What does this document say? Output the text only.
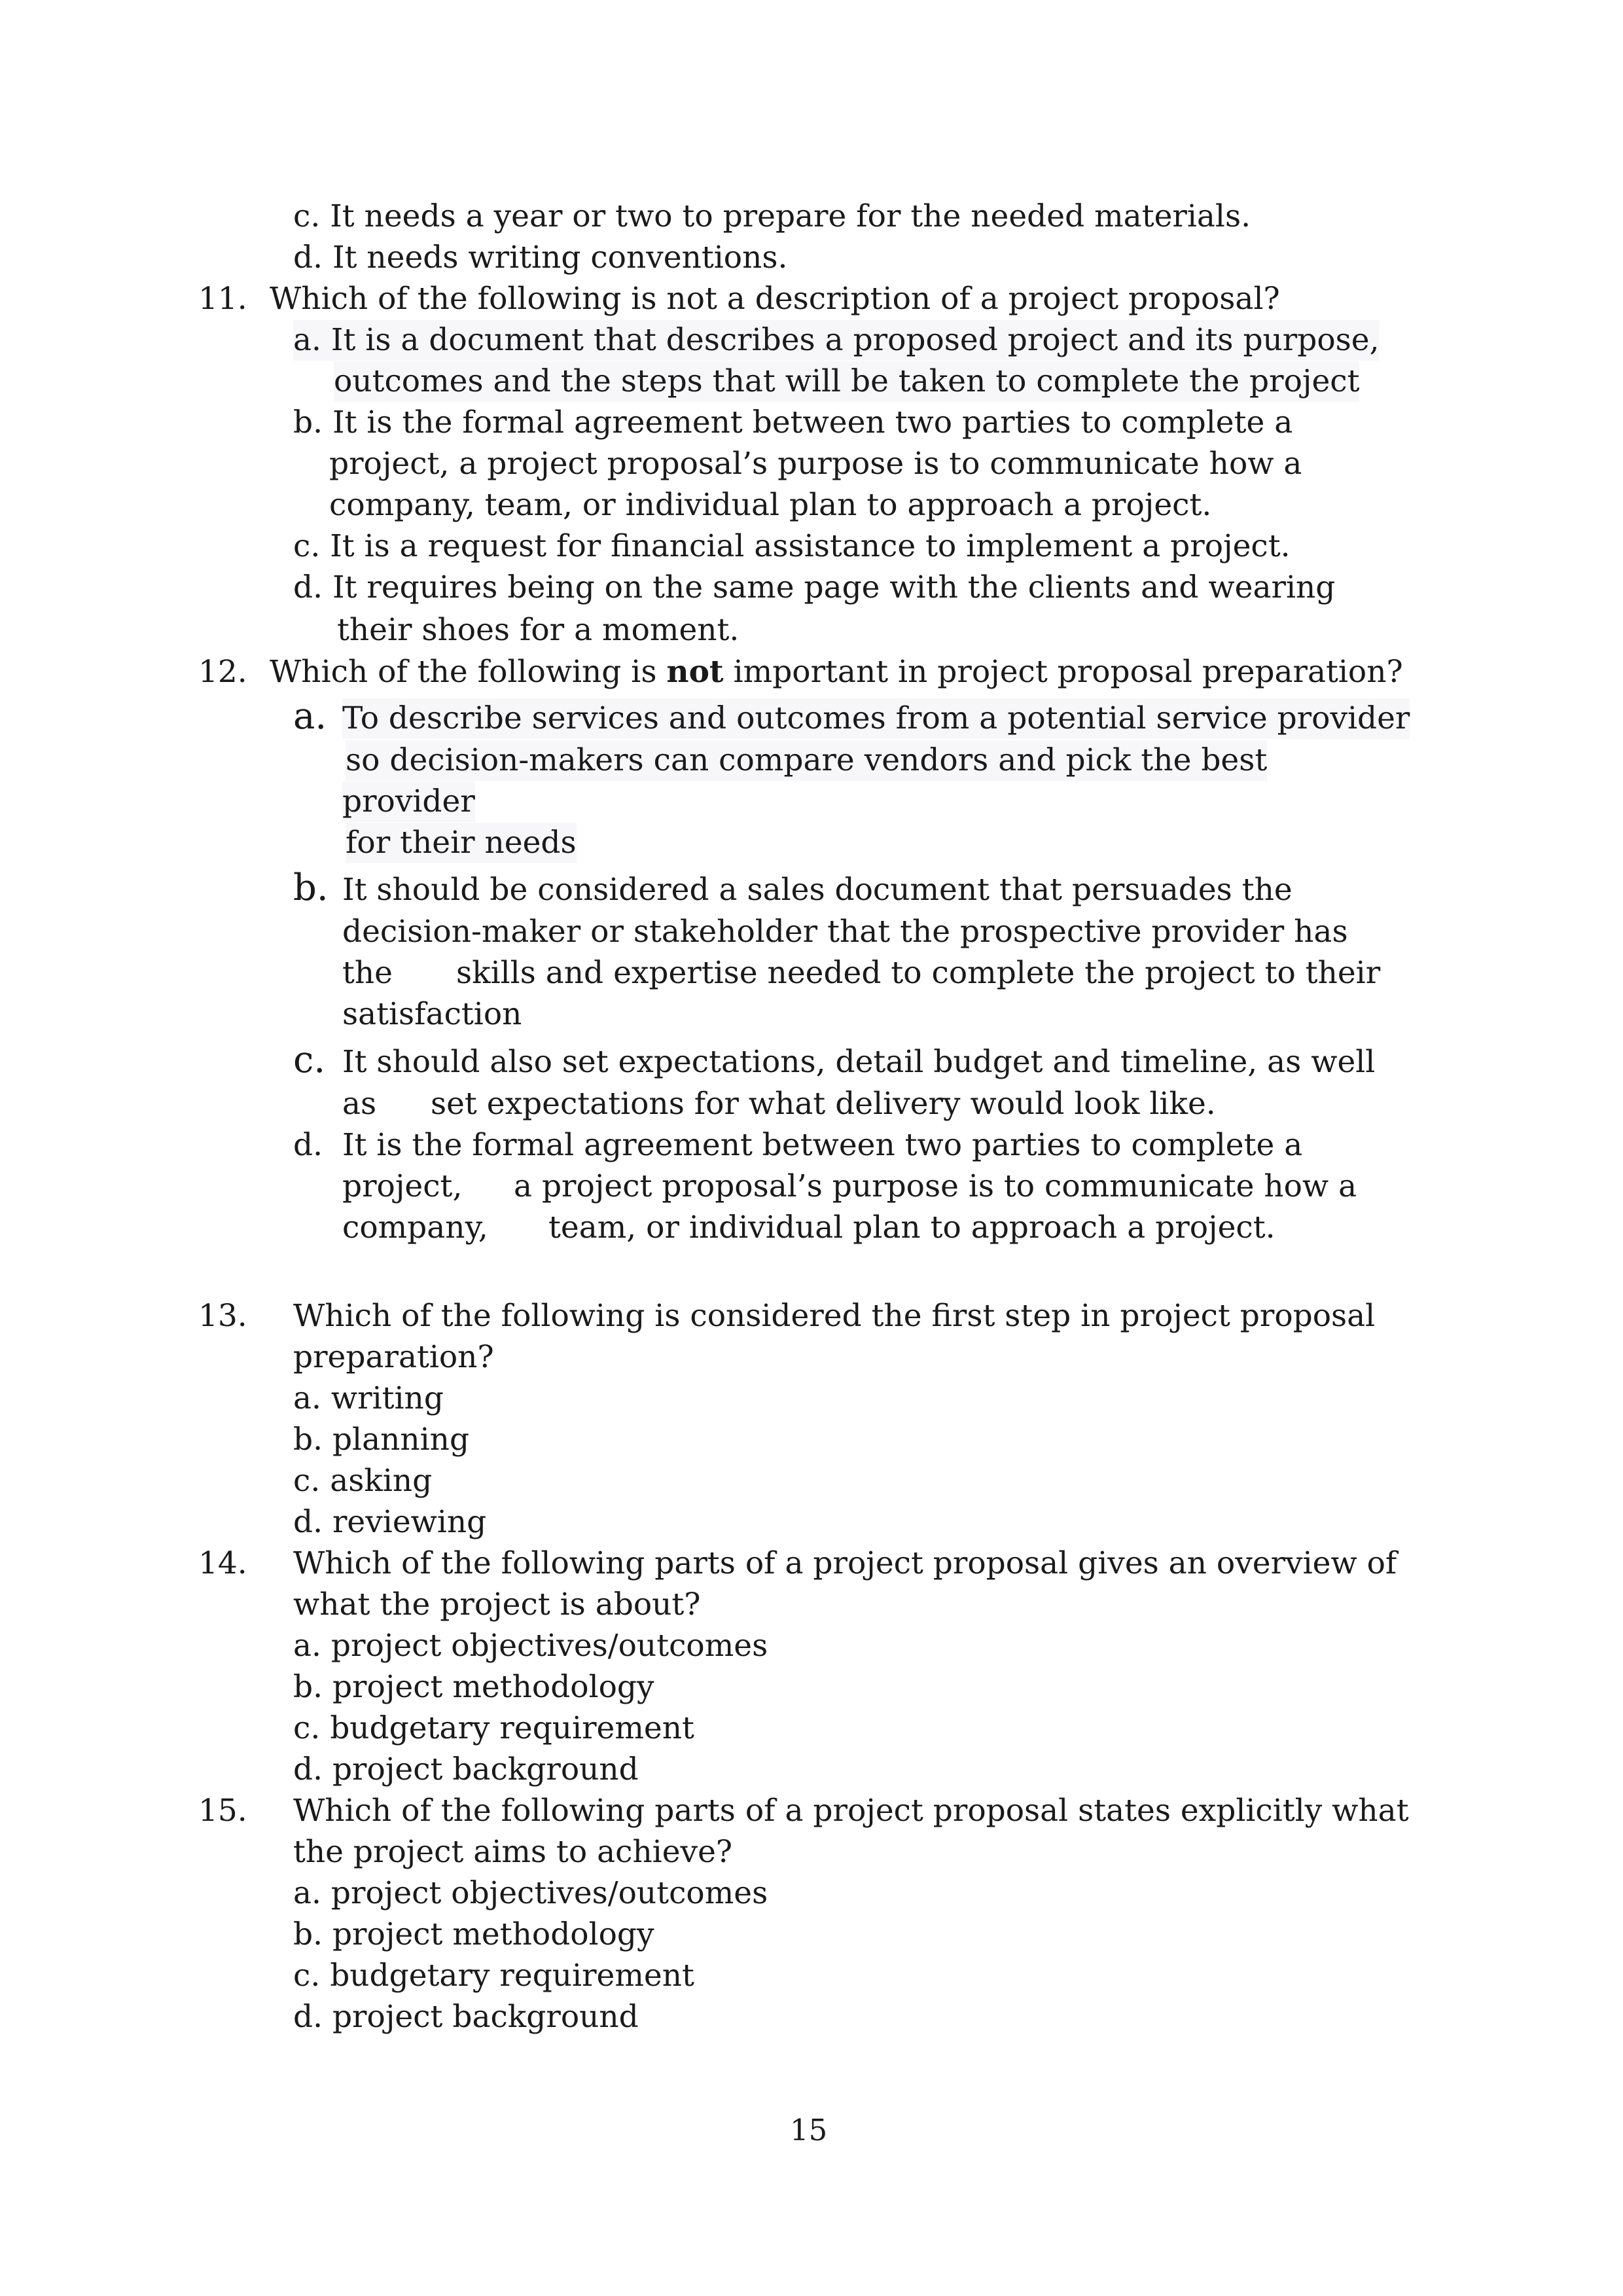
c. It needs a year or two to prepare for the needed materials.
d. It needs writing conventions.
11. Which of the following is not a description of a project proposal?
a. It is a document that describes a proposed project and its purpose,
outcomes and the steps that will be taken to complete the project
b. It is the formal agreement between two parties to complete a
project, a project proposal’s purpose is to communicate how a
company, team, or individual plan to approach a project.
c. It is a request for financial assistance to implement a project.
d. It requires being on the same page with the clients and wearing
their shoes for a moment.
12. Which of the following is not important in project proposal preparation?
a. To describe services and outcomes from a potential service provider
so decision-makers can compare vendors and pick the best
provider
for their needs
b. It should be considered a sales document that persuades the
decision-maker or stakeholder that the prospective provider has
the skills and expertise needed to complete the project to their
satisfaction
c. It should also set expectations, detail budget and timeline, as well
as set expectations for what delivery would look like.
d. It is the formal agreement between two parties to complete a
project, a project proposal’s purpose is to communicate how a
company, team, or individual plan to approach a project.
13. Which of the following is considered the first step in project proposal
preparation?
a. writing
b. planning
c. asking
d. reviewing
14. Which of the following parts of a project proposal gives an overview of
what the project is about?
a. project objectives/outcomes
b. project methodology
c. budgetary requirement
d. project background
15. Which of the following parts of a project proposal states explicitly what
the project aims to achieve?
a. project objectives/outcomes
b. project methodology
c. budgetary requirement
d. project background
15
